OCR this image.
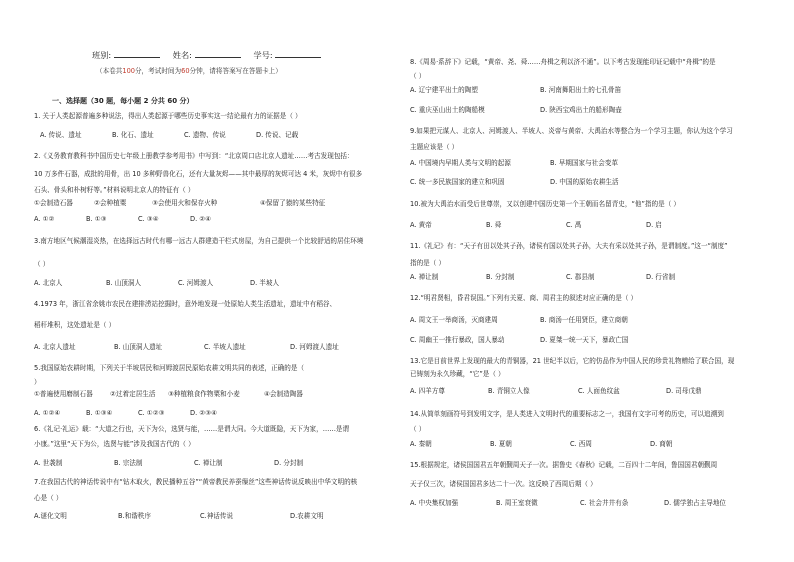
班别:	姓名:	学号:
（本卷共100分，考试时间为60分钟，请将答案写在答题卡上）
一、选择题（30 题，每小题 2 分共 60 分）
1. 关于人类起源普遍多种说法，得出人类起源于哪些历史事实这一结论最有力的证据是（ ）
A. 传说、遗址	B. 化石、遗址	C. 遗物、传说	D. 传说、记载
2.《义务教育教科书中国历史七年级上册教学参考用书》中写到：“北京周口店北京人遗址……考古发现包括：
10 万多件石器，成批的用骨，出 10 多种野兽化石，还有大量灰烬——其中最厚的灰烬可达 4 米，灰烬中有很多
石头、骨头和朴树籽等。”材料说明北京人的特征有（ ）
①会制造石器	②会种植粟	③会使用火和保存火种	④保留了猿的某些特征
A. ①②	B. ①③	C. ③④	D. ②④
3.南方地区气候潮湿炎热，在选择远古时代有哪一远古人群建造干栏式房屋，为自己提供一个比较舒适的居住环境
（ ）
A. 北京人	B. 山顶洞人	C. 河姆渡人	D. 半坡人
4.1973 年，浙江省余姚市农民在建排涝站挖掘时，意外地发现一处原始人类生活遗址，遗址中有稻谷、
稻秆堆积，这处遗址是（ ）
A. 北京人遗址	B. 山顶洞人遗址	C. 半坡人遗址	D. 河姆渡人遗址
5.我国原始农耕时期，下列关于半坡居民和河姆渡居民原始农耕文明共同的表述，正确的是（
）
①普遍使用磨制石器	②过着定居生活 ③种植粮食作物粟和小麦	④会制造陶器
A. ①②④	B. ①③④	C. ①②③	D. ②③④
6.《礼记·礼运》载：“大道之行也，天下为公，选贤与能，……是谓大同。今大道既隐，天下为家，……是谓
小康。”这里“天下为公，选贤与能”涉及我国古代的（ ）
A. 世袭制	B. 宗法制	C. 禅让制	D. 分封制
7.在我国古代的神话传说中有“钻木取火，教民播种五谷”“黄帝教民养蚕缫丝”这些神话传说反映出中华文明的核
心是（ ）
A.谜化文明	B.和谐秩序	C.神话传说	D.农耕文明
8.《周易·系辞下》记载，“黄帝、尧、舜……舟楫之利以济不通”。以下考古发现能印证记载中“舟楫”的是
（ ）
A. 辽宁建平出土的陶塑	B. 河南舞阳出土的七孔骨笛
C. 重庆巫山出土的陶船模	D. 陕西宝鸡出土的船形陶壶
9.如果把元谋人、北京人、河姆渡人、半坡人、炎帝与黄帝、大禹治水等整合为一个学习主题，你认为这个学习
主题应该是（ ）
A. 中国境内早期人类与文明的起源	B. 早期国家与社会变革
C. 统一多民族国家的建立和巩固	D. 中国的原始农耕生活
10.被为大禹治水而受后世尊崇，又以创建中国历史第一个王朝而名留青史，“他”指的是（ ）
A. 黄帝	B. 舜	C. 禹	D. 启
11.《礼记》有：“天子有田以处其子孙，诸侯有国以处其子孙，大夫有采以处其子孙，是谓制度。”这一“制度”
指的是（ ）
A. 禅让制	B. 分封制	C. 郡县制	D. 行省制
12.“明君贤相，昏君误国。”下列有关夏、商、周君主的叙述对应正确的是（ ）
A. 周文王一举商汤，灭商建周	B. 商汤一任用贤臣，建立商朝
C. 周幽王一推行暴政，国人暴动	D. 夏桀一统一天下，暴政亡国
13.它是目前世界上发现的最大的青铜器，21 世纪半以后，它的仿品作为中国人民的珍贵礼物赠给了联合国，现
已铸刻为永久珍藏，“它”是（ ）
A. 四羊方尊	B. 青铜立人像	C. 人面鱼纹盆	D. 司母戊鼎
14.从简单刻画符号到发明文字，是人类进入文明时代的重要标志之一，我国有文字可考的历史，可以追溯到
（ ）
A. 秦朝	B. 夏朝	C. 西周	D. 商朝
15.根据规定，诸侯国国君五年朝觐周天子一次。据鲁史《春秋》记载，二百四十二年间，鲁国国君朝觐周
天子仅三次，诸侯国国君多达二十一次。这反映了西周后期（ ）
A. 中央集权加强	B. 周王室衰微	C. 社会井井有条	D. 儒学独占主导地位
